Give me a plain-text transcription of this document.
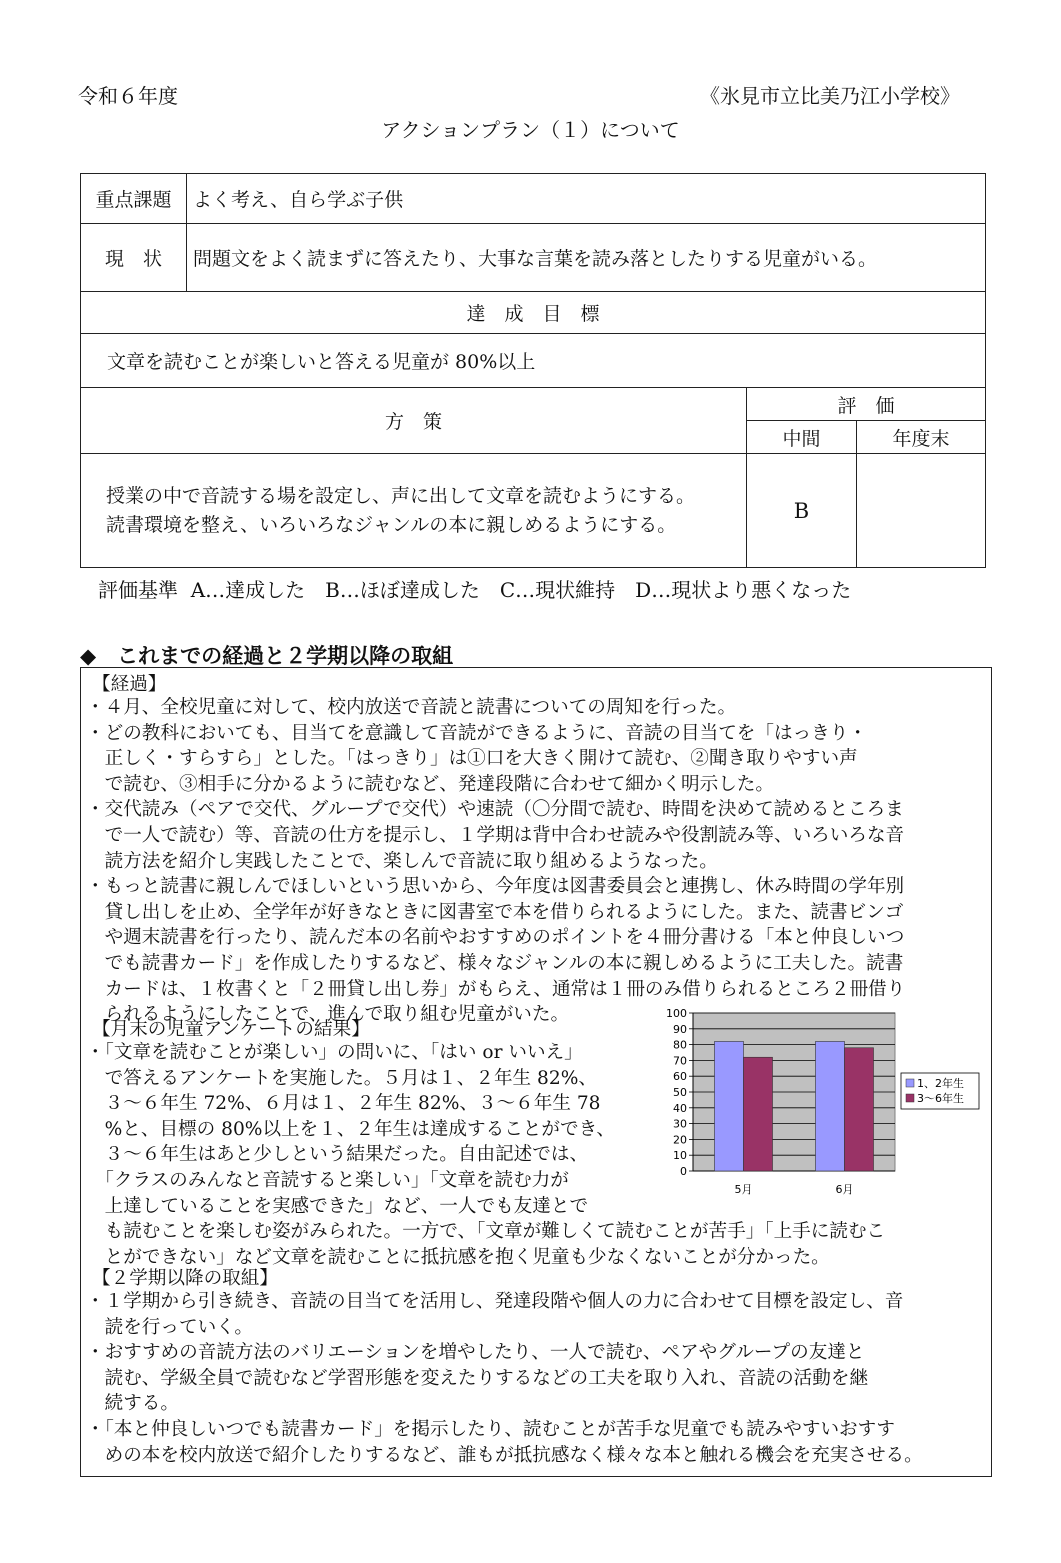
令和６年度	《氷見市立比美乃江小学校》
アクションプラン（１）について
重点課題	よく考え、自ら学ぶ子供		
現　状	問題文をよく読まずに答えたり、大事な言葉を読み落としたりする児童がいる。		
達　成　目　標			
文章を読むことが楽しいと答える児童が 80%以上			
方　策		評　価	
		中間	年度末

授業の中で音読する場を設定し、声に出して文章を読むようにする。

読書環境を整え、いろいろなジャンルの本に親しめるようにする。		B	
評価基準  A…達成した　B…ほぼ達成した　C…現状維持　D…現状より悪くなった
◆　これまでの経過と２学期以降の取組
【経過】
・４月、全校児童に対して、校内放送で音読と読書についての周知を行った。
・どの教科においても、目当てを意識して音読ができるように、音読の目当てを「はっきり・
　正しく・すらすら」とした。「はっきり」は①口を大きく開けて読む、②聞き取りやすい声
　で読む、③相手に分かるように読むなど、発達段階に合わせて細かく明示した。
・交代読み（ペアで交代、グループで交代）や速読（〇分間で読む、時間を決めて読めるところま
　で一人で読む）等、音読の仕方を提示し、１学期は背中合わせ読みや役割読み等、いろいろな音
　読方法を紹介し実践したことで、楽しんで音読に取り組めるようなった。
・もっと読書に親しんでほしいという思いから、今年度は図書委員会と連携し、休み時間の学年別
　貸し出しを止め、全学年が好きなときに図書室で本を借りられるようにした。また、読書ビンゴ
　や週末読書を行ったり、読んだ本の名前やおすすめのポイントを４冊分書ける「本と仲良しいつ
　でも読書カード」を作成したりするなど、様々なジャンルの本に親しめるように工夫した。読書
　カードは、１枚書くと「２冊貸し出し券」がもらえ、通常は１冊のみ借りられるところ２冊借り
　られるようにしたことで、進んで取り組む児童がいた。
【月末の児童アンケートの結果】
・「文章を読むことが楽しい」の問いに、「はい or いいえ」
　で答えるアンケートを実施した。５月は１、２年生 82%、
　３～６年生 72%、６月は１、２年生 82%、３～６年生 78
　%と、目標の 80%以上を１、２年生は達成することができ、
　３～６年生はあと少しという結果だった。自由記述では、
　「クラスのみんなと音読すると楽しい」「文章を読む力が
　上達していることを実感できた」など、一人でも友達とで
　も読むことを楽しむ姿がみられた。一方で、「文章が難しくて読むことが苦手」「上手に読むこ
　とができない」など文章を読むことに抵抗感を抱く児童も少なくないことが分かった。
【２学期以降の取組】
・１学期から引き続き、音読の目当てを活用し、発達段階や個人の力に合わせて目標を設定し、音
　読を行っていく。
・おすすめの音読方法のバリエーションを増やしたり、一人で読む、ペアやグループの友達と
　読む、学級全員で読むなど学習形態を変えたりするなどの工夫を取り入れ、音読の活動を継
　続する。
・「本と仲良しいつでも読書カード」を掲示したり、読むことが苦手な児童でも読みやすいおすす
　めの本を校内放送で紹介したりするなど、誰もが抵抗感なく様々な本と触れる機会を充実させる。
0
10
20
30
40
50
60
70
80
90
100
5月	6月
1、2年生
3～6年生
